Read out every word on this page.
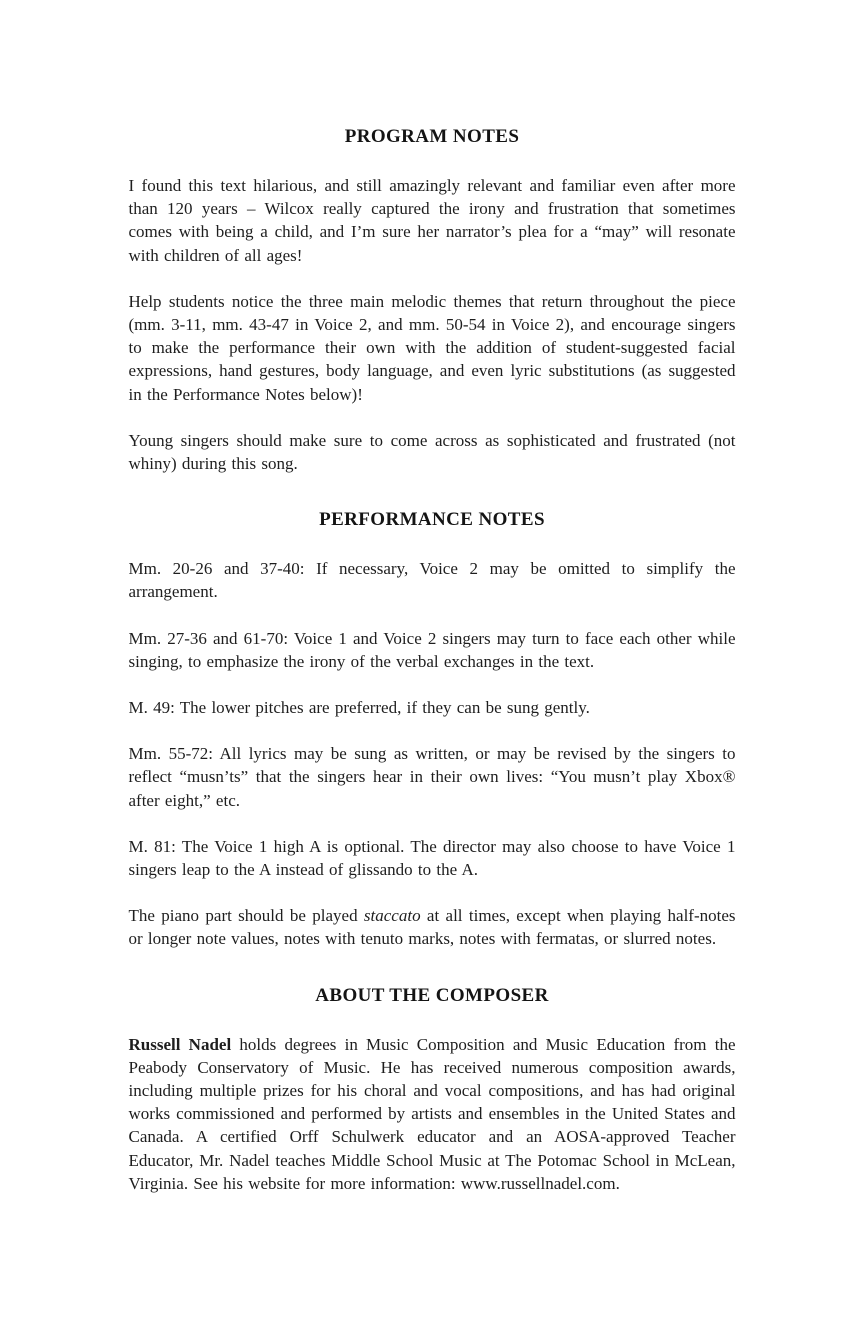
PROGRAM NOTES

I found this text hilarious, and still amazingly relevant and familiar even after more than 120 years – Wilcox really captured the irony and frustration that sometimes comes with being a child, and I’m sure her narrator’s plea for a “may” will resonate with children of all ages!

Help students notice the three main melodic themes that return throughout the piece (mm. 3-11, mm. 43-47 in Voice 2, and mm. 50-54 in Voice 2), and encourage singers to make the performance their own with the addition of student-suggested facial expressions, hand gestures, body language, and even lyric substitutions (as suggested in the Performance Notes below)!

Young singers should make sure to come across as sophisticated and frustrated (not whiny) during this song.

PERFORMANCE NOTES

Mm. 20-26 and 37-40: If necessary, Voice 2 may be omitted to simplify the arrangement.

Mm. 27-36 and 61-70: Voice 1 and Voice 2 singers may turn to face each other while singing, to emphasize the irony of the verbal exchanges in the text.

M. 49: The lower pitches are preferred, if they can be sung gently.

Mm. 55-72: All lyrics may be sung as written, or may be revised by the singers to reflect “musn’ts” that the singers hear in their own lives: “You musn’t play Xbox® after eight,” etc.

M. 81: The Voice 1 high A is optional. The director may also choose to have Voice 1 singers leap to the A instead of glissando to the A.

The piano part should be played staccato at all times, except when playing half-notes or longer note values, notes with tenuto marks, notes with fermatas, or slurred notes.

ABOUT THE COMPOSER

Russell Nadel holds degrees in Music Composition and Music Education from the Peabody Conservatory of Music. He has received numerous composition awards, including multiple prizes for his choral and vocal compositions, and has had original works commissioned and performed by artists and ensembles in the United States and Canada. A certified Orff Schulwerk educator and an AOSA-approved Teacher Educator, Mr. Nadel teaches Middle School Music at The Potomac School in McLean, Virginia. See his website for more information: www.russellnadel.com.
